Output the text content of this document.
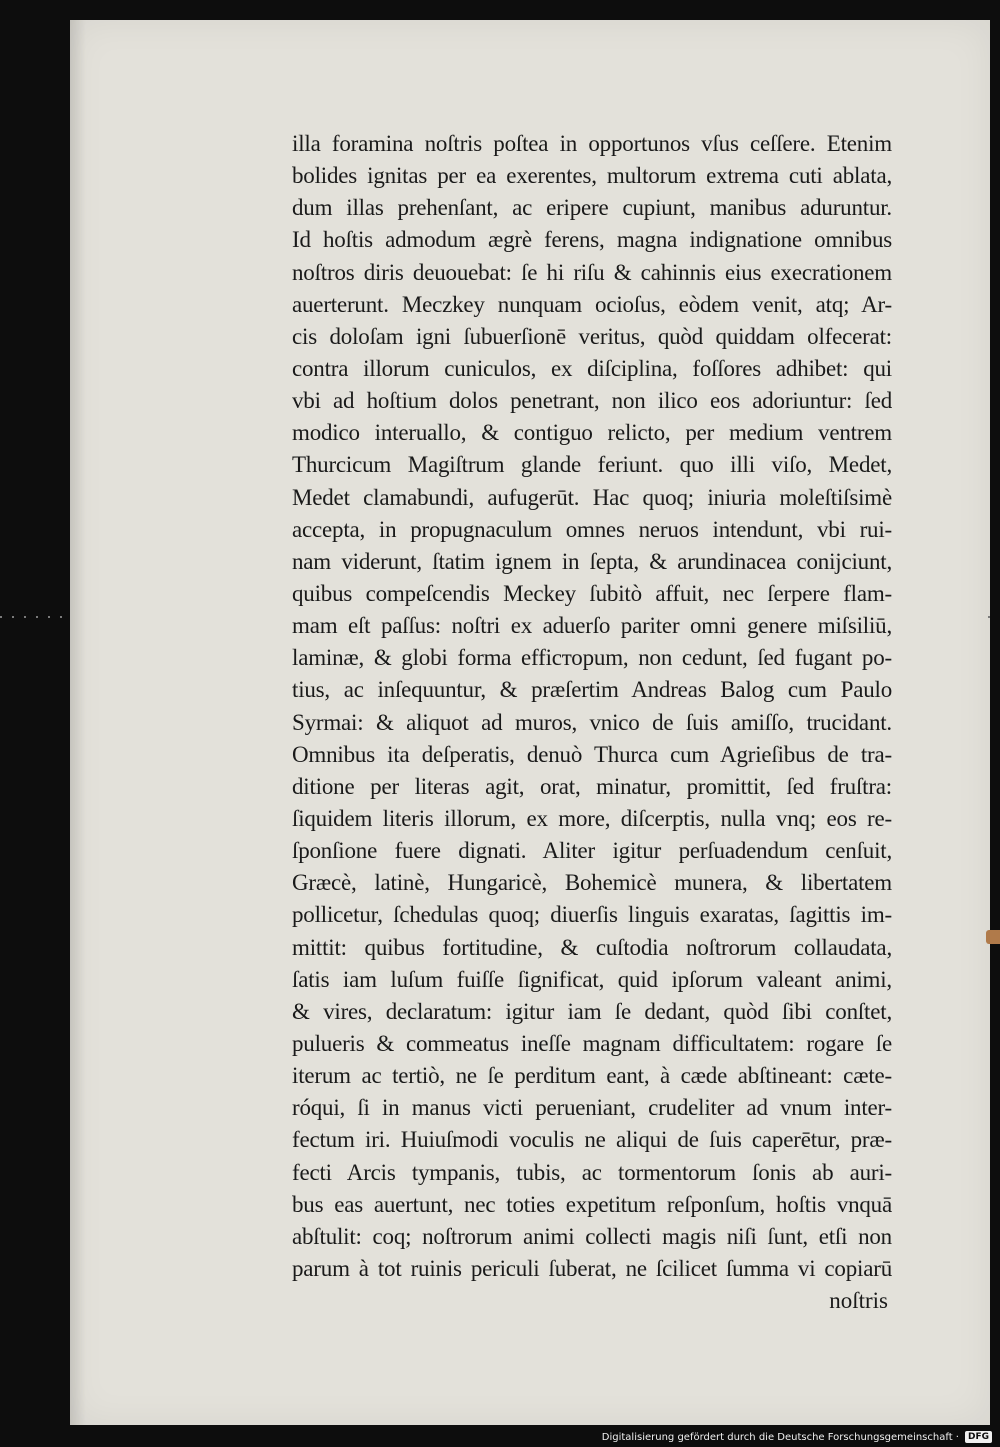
illa foramina noſtris poſtea in opportunos vſus ceſſere. Etenim
bolides ignitas per ea exerentes, multorum extrema cuti ablata,
dum illas prehenſant, ac eripere cupiunt, manibus aduruntur.
Id hoſtis admodum ægrè ferens, magna indignatione omnibus
noſtros diris deuouebat: ſe hi riſu & cahinnis eius execrationem
auerterunt. Meczkey nunquam ocioſus, eòdem venit, atq; Ar-
cis doloſam igni ſubuerſionē veritus, quòd quiddam olfecerat:
contra illorum cuniculos, ex diſciplina, foſſores adhibet: qui
vbi ad hoſtium dolos penetrant, non ilico eos adoriuntur: ſed
modico interuallo, & contiguo relicto, per medium ventrem
Thurcicum Magiſtrum glande feriunt. quo illi viſo, Medet,
Medet clamabundi, aufugerūt. Hac quoq; iniuria moleſtiſsimè
accepta, in propugnaculum omnes neruos intendunt, vbi rui-
nam viderunt, ſtatim ignem in ſepta, & arundinacea conijciunt,
quibus compeſcendis Meckey ſubitò affuit, nec ſerpere flam-
mam eſt paſſus: noſtri ex aduerſo pariter omni genere miſsiliū,
laminæ, & globi forma efficторum, non cedunt, ſed fugant po-
tius, ac inſequuntur, & præſertim Andreas Balog cum Paulo
Syrmai: & aliquot ad muros, vnico de ſuis amiſſo, trucidant.
Omnibus ita deſperatis, denuò Thurca cum Agrieſibus de tra-
ditione per literas agit, orat, minatur, promittit, ſed fruſtra:
ſiquidem literis illorum, ex more, diſcerptis, nulla vnq; eos re-
ſponſione fuere dignati. Aliter igitur perſuadendum cenſuit,
Græcè, latinè, Hungaricè, Bohemicè munera, & libertatem
pollicetur, ſchedulas quoq; diuerſis linguis exaratas, ſagittis im-
mittit: quibus fortitudine, & cuſtodia noſtrorum collaudata,
ſatis iam luſum fuiſſe ſignificat, quid ipſorum valeant animi,
& vires, declaratum: igitur iam ſe dedant, quòd ſibi conſtet,
pulueris & commeatus ineſſe magnam difficultatem: rogare ſe
iterum ac tertiò, ne ſe perditum eant, à cæde abſtineant: cæte-
róqui, ſi in manus victi perueniant, crudeliter ad vnum inter-
fectum iri. Huiuſmodi voculis ne aliqui de ſuis caperētur, præ-
fecti Arcis tympanis, tubis, ac tormentorum ſonis ab auri-
bus eas auertunt, nec toties expetitum reſponſum, hoſtis vnquā
abſtulit: coq; noſtrorum animi collecti magis niſi ſunt, etſi non
parum à tot ruinis periculi ſuberat, ne ſcilicet ſumma vi copiarū
noſtris
Digitalisierung gefördert durch die Deutsche Forschungsgemeinschaft ·	DFG
